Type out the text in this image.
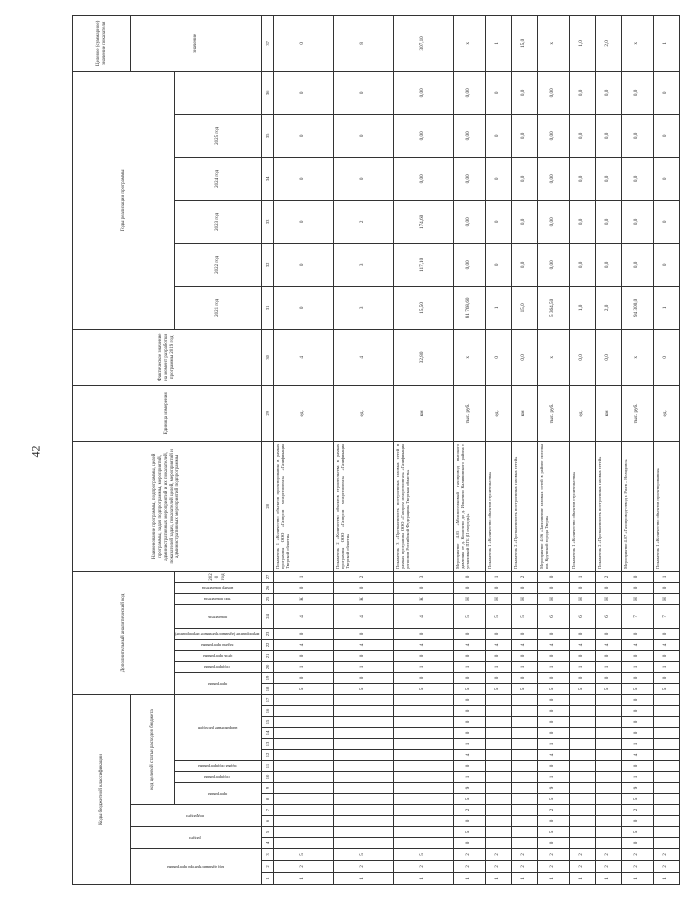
42
Коды бюджетной классификации																	Дополнительный аналитический код										Наименование программы, подпрограммы, целей программы, задач подпрограммы, мероприятий, административных мероприятий и их показателей, показателей задач, показателей целей, мероприятий и административных мероприятий подпрограммы	Единица измерения	Фактическое значение на момент разработки программы 2019 год	Годы реализации программы						Целевое (суммарное) значение показателя
код администратора программы			раздел		подраздел		код целевой статьи расходов бюджета																													значение
							программа		подпрограмма	задача подпрограммы	направление расходов						программа		подпрограмма	цель программы	задача программы	мероприятие (административное мероприятие)	показатель	тип показателя	номер показателя	2020 год				2021 год	2022 год	2023 год	2024 год	2025 год		
1	2	3	4	5	6	7	8	9	10	11	12	13	14	15	16	17	18	19	20	21	22	23	24	25	26	27	28	29	30	31	32	33	34	35	36	37
1	2	5															5	0	1	0	4	0	4	К	0	1	Показатель 1 «Количество объектов проектирования в рамках программы ООО «Газпром межрегионгаз» «Газификация Тверской области»	ед.	4	0	0	0	0	0	0	0
1	2	5															5	0	1	0	4	0	4	К	0	2	Показатель 2 «Количество объектов строительства в рамках программы ООО «Газпром межрегионгаз» «Газификация Тверской области»	ед.	4	3	3	2	0	0	0	8
1	2	5															5	0	1	0	4	0	4	К	0	3	Показатель 3 «Протяженность построенных газовых сетей в рамках программы ООО «Газпром межрегионгаз» «Газификация регионов Российской Федерации» Тверская область»	км	32,80	15,50	117,10	174,60	0,00	0,00	0,00	307,10
1	2	2	0	5	0	2	5	9	1	0	4	1	0	0	0	0	5	0	1	0	4	0	5	Н	0	0	Мероприятие 4.05 «Межпоселковый газопровод высокого давления от д. Кошелево до д. Ильятино Калининского района с установкой ПГБ (II очередь)»	тыс. руб.	x	81 768,60	0,00	0,00	0,00	0,00	0,00	x
1	2	2															5	0	1	0	4	0	5	Н	0	1	Показатель 1 «Количество объектов строительства»	ед.	0	1	0	0	0	0	0	1
1	2	2															5	0	1	0	4	0	5	Н	0	2	Показатель 2 «Протяженность построенных газовых сетей»	км	0,0	15,0	0,0	0,0	0,0	0,0	0,0	15,0
1	2	2	0	5	0	2	5	9	1	0	4	1	0	0	0	0	5	0	1	0	4	0	6	Н	0	0	Мероприятие 4.06 «Заполнение газовых сетей в районе поселка им. Крупской города Твери»	тыс. руб.	x	5 364,50	0,00	0,00	0,00	0,00	0,00	x
1	2	2															5	0	1	0	4	0	6	Н	0	1	Показатель 1 «Количество объектов строительства»	ед.	0,0	1,0	0,0	0,0	0,0	0,0	0,0	1,0
1	2	2															5	0	1	0	4	0	6	Н	0	2	Показатель 2 «Протяженность построенных газовых сетей»	км	0,0	2,0	0,0	0,0	0,0	0,0	0,0	2,0
1	2	2	0	5	0	2	5	9	1	0	4	1	0	0	0	0	5	0	1	0	4	0	7	Н	0	0	Мероприятие 4.07 «Газопровод-отвод г. Ржев – Нелидово»	тыс. руб.	x	94 300,0	0,0	0,0	0,0	0,0	0,0	x
1	2	2															5	0	1	0	4	0	7	Н	0	1	Показатель 1 «Количество объектов проектирования»	ед.	0	1	0	0	0	0	0	1
